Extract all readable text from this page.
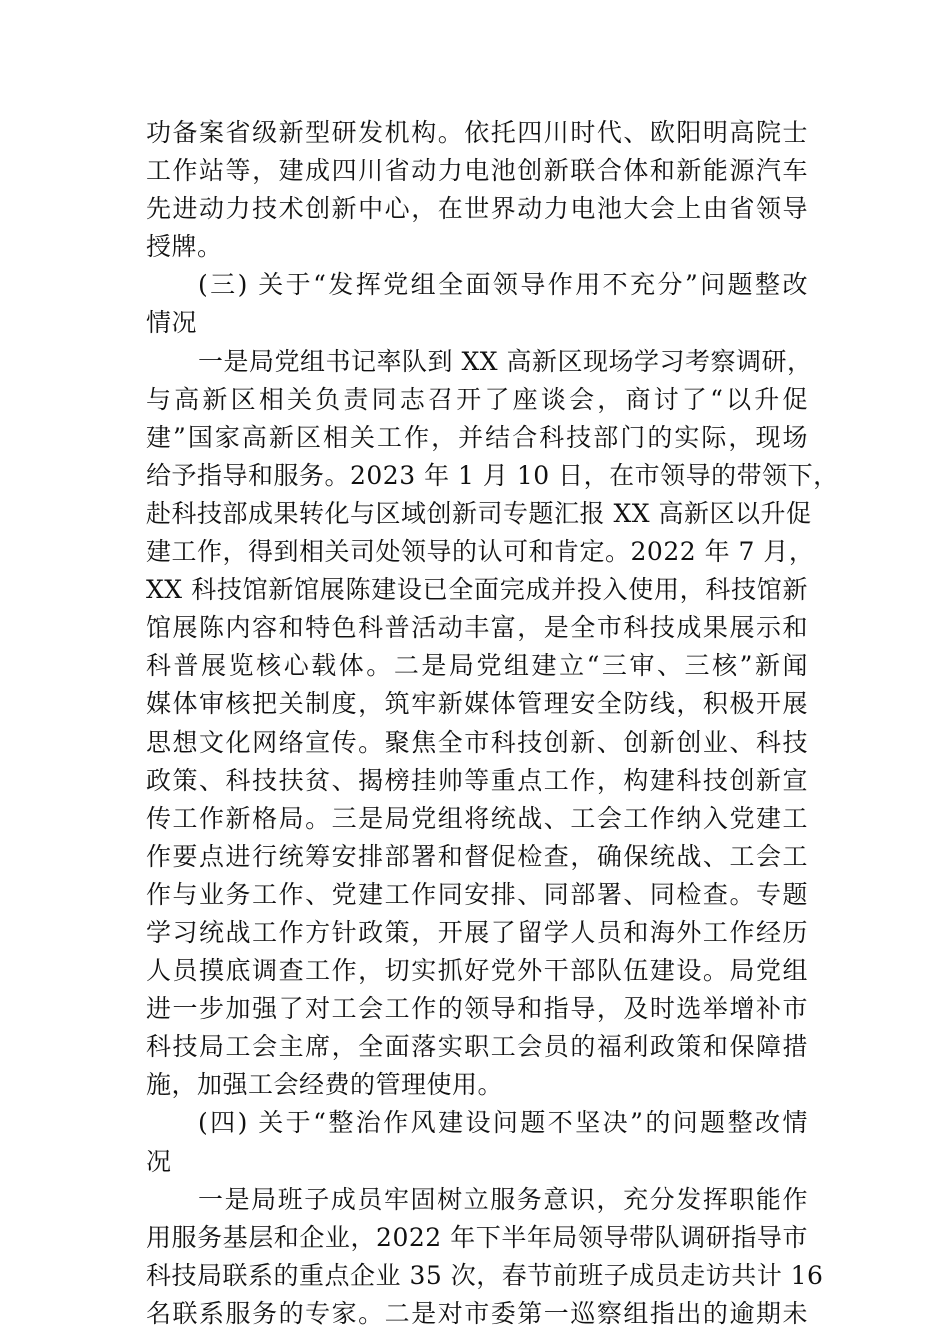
功备案省级新型研发机构。依托四川时代、欧阳明高院士
工作站等，建成四川省动力电池创新联合体和新能源汽车
先进动力技术创新中心，在世界动力电池大会上由省领导
授牌。
(三) 关于“发挥党组全面领导作用不充分”问题整改
情况
一是局党组书记率队到 XX 高新区现场学习考察调研，
与高新区相关负责同志召开了座谈会，商讨了“以升促
建”国家高新区相关工作，并结合科技部门的实际，现场
给予指导和服务。2023 年 1 月 10 日，在市领导的带领下，
赴科技部成果转化与区域创新司专题汇报 XX 高新区以升促
建工作，得到相关司处领导的认可和肯定。2022 年 7 月，
XX 科技馆新馆展陈建设已全面完成并投入使用，科技馆新
馆展陈内容和特色科普活动丰富，是全市科技成果展示和
科普展览核心载体。二是局党组建立“三审、三核”新闻
媒体审核把关制度，筑牢新媒体管理安全防线，积极开展
思想文化网络宣传。聚焦全市科技创新、创新创业、科技
政策、科技扶贫、揭榜挂帅等重点工作，构建科技创新宣
传工作新格局。三是局党组将统战、工会工作纳入党建工
作要点进行统筹安排部署和督促检查，确保统战、工会工
作与业务工作、党建工作同安排、同部署、同检查。专题
学习统战工作方针政策，开展了留学人员和海外工作经历
人员摸底调查工作，切实抓好党外干部队伍建设。局党组
进一步加强了对工会工作的领导和指导，及时选举增补市
科技局工会主席，全面落实职工会员的福利政策和保障措
施，加强工会经费的管理使用。
(四) 关于“整治作风建设问题不坚决”的问题整改情
况
一是局班子成员牢固树立服务意识，充分发挥职能作
用服务基层和企业，2022 年下半年局领导带队调研指导市
科技局联系的重点企业 35 次，春节前班子成员走访共计 16
名联系服务的专家。二是对市委第一巡察组指出的逾期未
